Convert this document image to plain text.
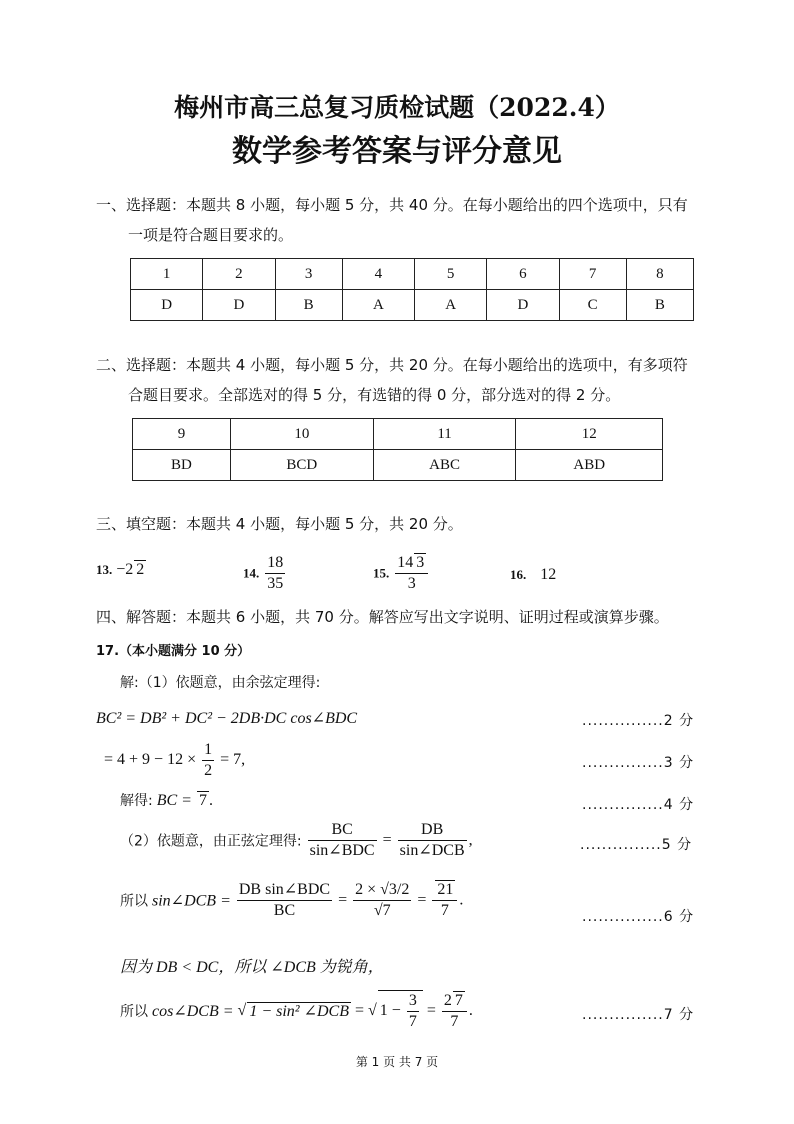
梅州市高三总复习质检试题（2022.4）
数学参考答案与评分意见
一、选择题：本题共 8 小题，每小题 5 分，共 40 分。在每小题给出的四个选项中，只有
一项是符合题目要求的。
1	2	3	4	5	6	7	8
D	D	B	A	A	D	C	B
二、选择题：本题共 4 小题，每小题 5 分，共 20 分。在每小题给出的选项中，有多项符
合题目要求。全部选对的得 5 分，有选错的得 0 分，部分选对的得 2 分。
9	10	11	12
BD	BCD	ABC	ABD
三、填空题：本题共 4 小题，每小题 5 分，共 20 分。
13. −2 2	14. $\frac{18}{35}$	15. $\frac{14 3}{3}$	16. 12
四、解答题：本题共 6 小题，共 70 分。解答应写出文字说明、证明过程或演算步骤。
17.（本小题满分 10 分）
解:（1）依题意，由余弦定理得:
BC² = DB² + DC² − 2DB·DC cos∠BDC	...............2 分
= $4 + 9 - 12 \times \frac{1}{2} = 7$,	...............3 分
解得: BC = 7 .	...............4 分
（2）依题意，由正弦定理得: $\frac{BC}{\text{sin∠BDC}} = \frac{DB}{\text{sin∠DCB}}$ ,	...............5 分
所以 sin∠DCB = $\frac{\text{DB sin∠BDC}}{BC} = \frac{2 \times √3/2}{√7} = \frac{21}{7}$ .
...............6 分
因为 DB < DC，所以 ∠DCB 为锐角，
所以 cos∠DCB = √ 1 − sin² ∠DCB = √ $1 - \frac{3}{7} = \frac{2 7}{7}$ .	...............7 分
第 1 页 共 7 页
